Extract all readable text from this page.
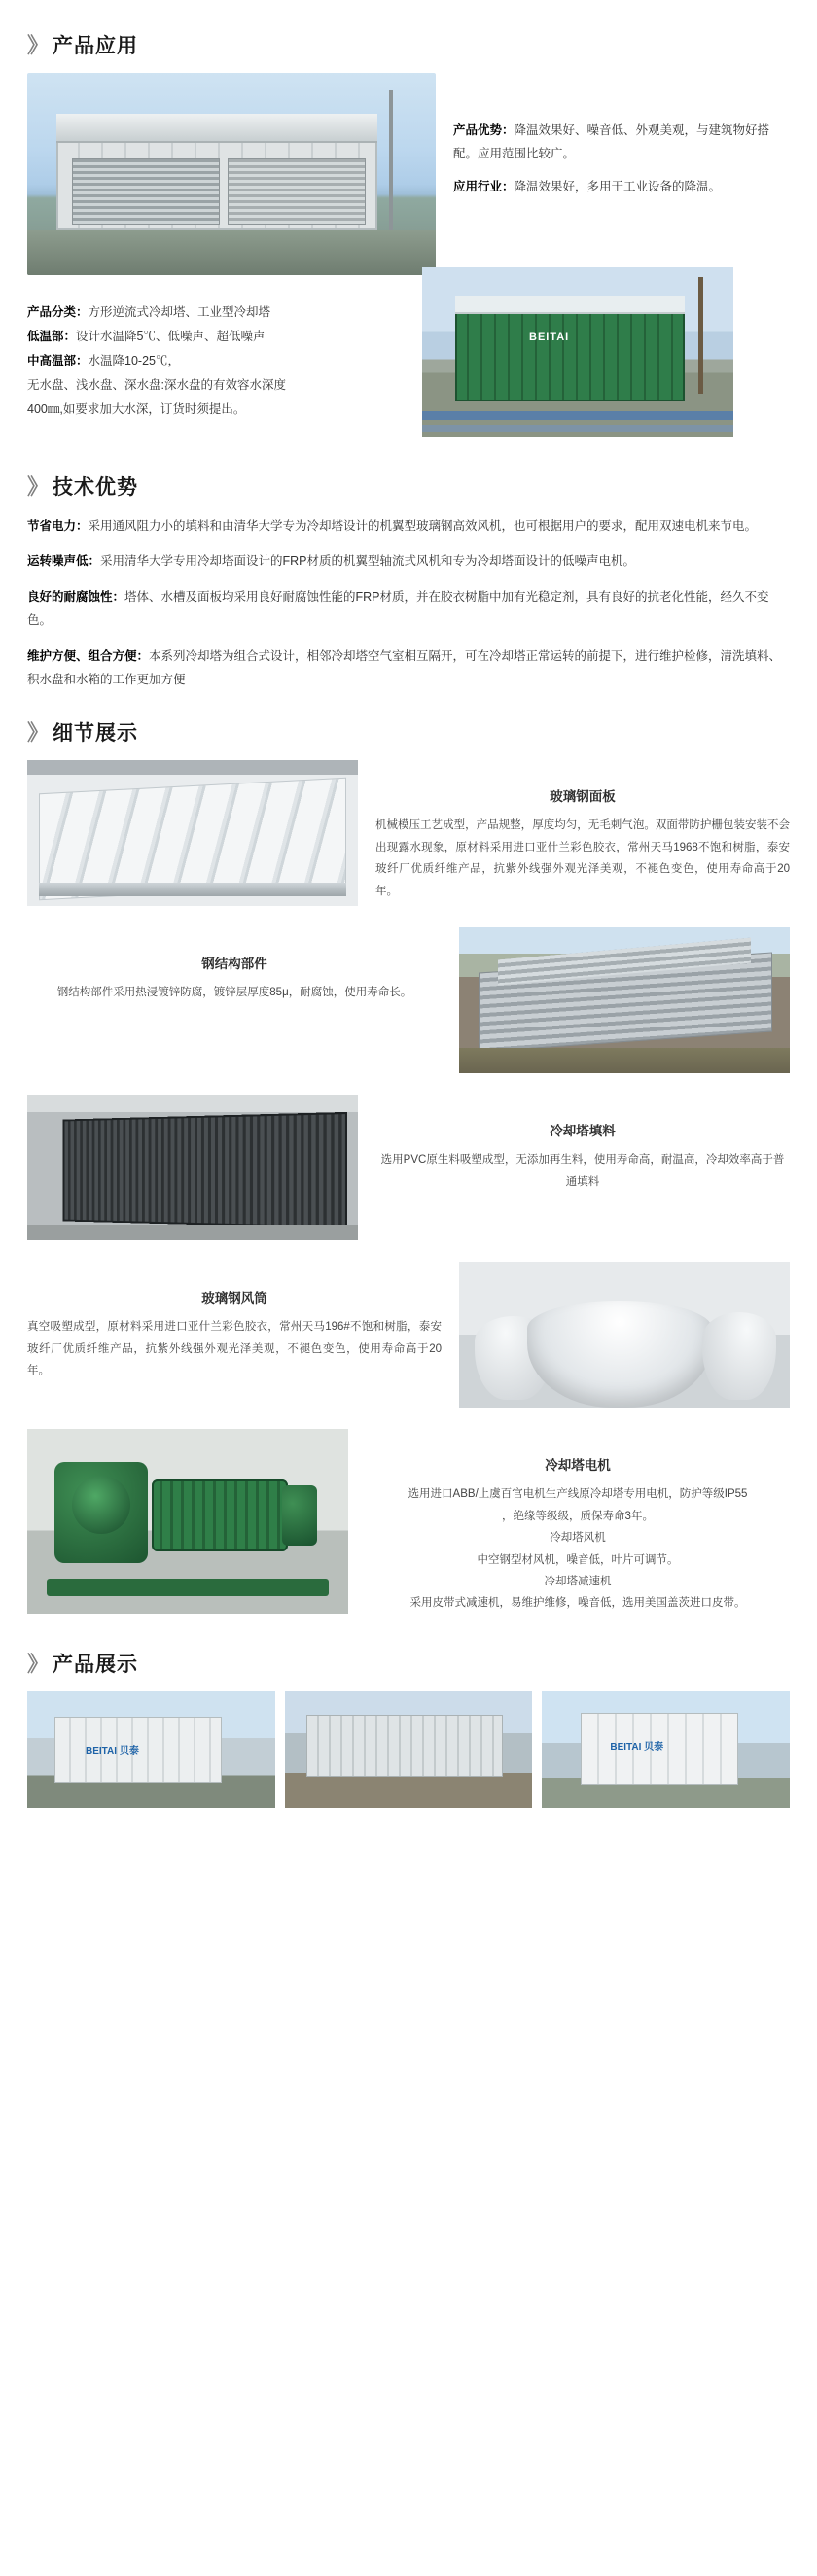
》 产品应用

产品优势：降温效果好、噪音低、外观美观，与建筑物好搭配。应用范围比较广。

应用行业：降温效果好，多用于工业设备的降温。

产品分类：方形逆流式冷却塔、工业型冷却塔

低温部：设计水温降5℃、低噪声、超低噪声

中高温部：水温降10-25℃，

无水盘、浅水盘、深水盘:深水盘的有效容水深度

400㎜,如要求加大水深，订货时须提出。

BEITAI
》 技术优势

节省电力：采用通风阻力小的填料和由清华大学专为冷却塔设计的机翼型玻璃钢高效风机，也可根据用户的要求，配用双速电机来节电。

运转噪声低：采用清华大学专用冷却塔面设计的FRP材质的机翼型轴流式风机和专为冷却塔面设计的低噪声电机。

良好的耐腐蚀性：塔体、水槽及面板均采用良好耐腐蚀性能的FRP材质，并在胶衣树脂中加有光稳定剂，具有良好的抗老化性能，经久不变色。

维护方便、组合方便：本系列冷却塔为组合式设计，相邻冷却塔空气室相互隔开，可在冷却塔正常运转的前提下，进行维护检修，清洗填料、积水盘和水箱的工作更加方便

》 细节展示
玻璃钢面板
机械模压工艺成型，产品规整，厚度均匀，无毛刺气泡。双面带防护栅包装安装不会出现露水现象，原材料采用进口亚什兰彩色胶衣，常州天马1968不饱和树脂，泰安玻纤厂优质纤维产品，抗紫外线强外观光泽美观，不褪色变色，使用寿命高于20年。
钢结构部件
钢结构部件采用热浸镀锌防腐，镀锌层厚度85μ，耐腐蚀，使用寿命长。
冷却塔填料
选用PVC原生料吸塑成型，无添加再生料，使用寿命高，耐温高，冷却效率高于普通填料
玻璃钢风筒
真空吸塑成型，原材料采用进口亚什兰彩色胶衣，常州天马196#不饱和树脂，泰安玻纤厂优质纤维产品，抗紫外线强外观光泽美观，不褪色变色，使用寿命高于20年。
冷却塔电机
选用进口ABB/上虞百官电机生产线原冷却塔专用电机，防护等级IP55
，绝缘等级级，质保寿命3年。
冷却塔风机
中空钢型材风机，噪音低，叶片可调节。
冷却塔减速机
采用皮带式减速机，易维护维修，噪音低，选用美国盖茨进口皮带。
》 产品展示
BEITAI 贝泰	BEITAI 贝泰
